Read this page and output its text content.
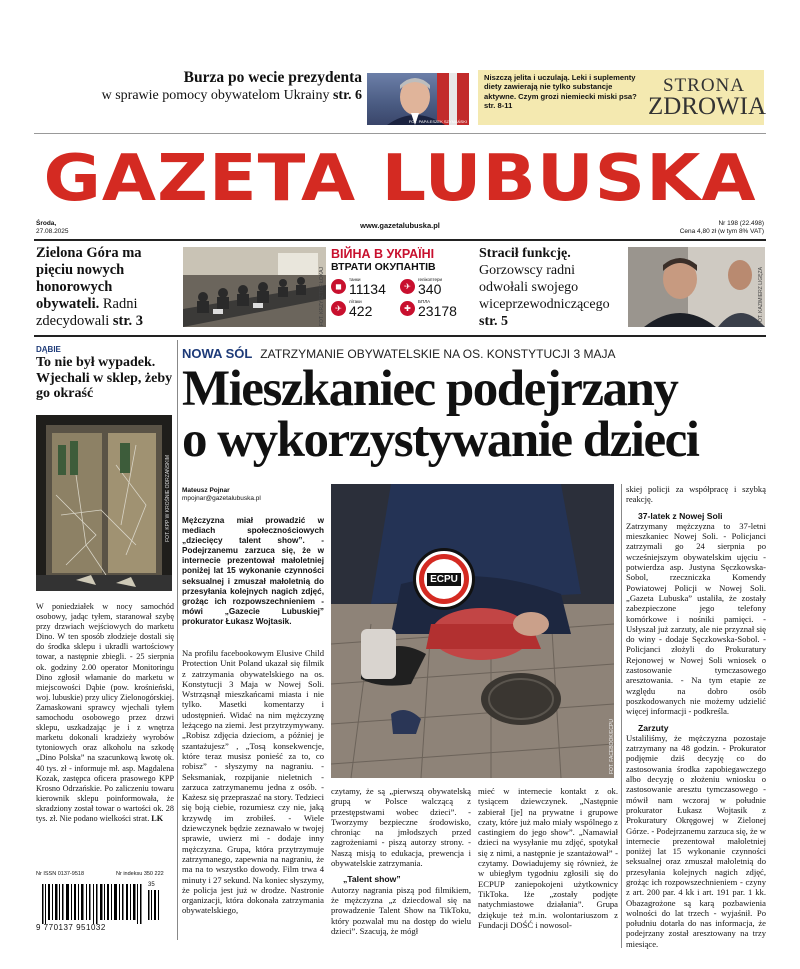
Burza po wecie prezydenta
w sprawie pomocy obywatelom Ukrainy str. 6
FOT. PAP/LESZEK SZYMAŃSKI
Niszczą jelita i uczulają. Leki i suplementy diety zawierają nie tylko substancje aktywne. Czym grozi niemiecki miski psa? str. 8-11
STRONA
ZDROWIA
GAZETA LUBUSKA
Środa,
27.08.2025
www.gazetalubuska.pl	Nr 198 (22.498)
Cena 4,80 zł (w tym 8% VAT)
Zielona Góra ma pięciu nowych honorowych obywateli. Radni zdecydowali str. 3	FOT. KRZYSZTOF ŁOKAJ
ВІЙНА В УКРАЇНІ
ВТРАТИ ОКУПАНТІВ
◼
танки
11134	✈
гелікоптери
340
✈
літаки
422	✚
БПЛА
23178
Stracił funkcję. Gorzowscy radni odwołali swojego wiceprzewodniczącego str. 5	FOT. KAZIMIERZ LIGĘZA
DĄBIE
To nie był wypadek. Wjechali w sklep, żeby go okraść
FOT. KPP W KROŚNIE ODRZAŃSKIM
W poniedziałek w nocy samochód osobowy, jadąc tyłem, staranował szybę przy drzwiach wejściowych do marketu Dino. W ten sposób złodzieje dostali się do środka sklepu i ukradli wartościowy towar, a następnie zbiegli. - 25 sierpnia ok. godziny 2.00 operator Monitoringu Dino zgłosił włamanie do marketu w miejscowości Dąbie (pow. krośnieński, woj. lubuskie) przy ulicy Zielonogórskiej. Zamaskowani sprawcy wjechali tyłem samochodu osobowego przez drzwi sklepu, uszkadzając je i z wnętrza marketu dokonali kradzieży wyrobów tytoniowych oraz alkoholu na szkodę „Dino Polska” na szacunkową kwotę ok. 40 tys. zł - informuje mł. asp. Magdalena Kozak, zastępca oficera prasowego KPP Krosno Odrzańskie. Po zaliczeniu towaru kierownik sklepu poinformowała, że skradziony został towar o wartości ok. 28 tys. zł. Nie podano wielkości strat. LK
Nr ISSN 0137-9518	Nr indeksu 350 222
35
9 770137 951032
NOWA SÓL ZATRZYMANIE OBYWATELSKIE NA OS. KONSTYTUCJI 3 MAJA
Mieszkaniec podejrzany
o wykorzystywanie dzieci
Mateusz Pojnar
mpojnar@gazetalubuska.pl
Mężczyzna miał prowadzić w mediach społecznościowych „dziecięcy talent show”. - Podejrzanemu zarzuca się, że w internecie prezentował małoletniej poniżej lat 15 wykonanie czynności seksualnej i zmuszał małoletnią do przesyłania kolejnych nagich zdjęć, grożąc ich rozpowszechnieniem - mówi „Gazecie Lubuskiej” prokurator Łukasz Wojtasik.
Na profilu facebookowym Elusive Child Protection Unit Poland ukazał się filmik z zatrzymania obywatelskiego na os. Konstytucji 3 Maja w Nowej Soli. Wstrząsnął mieszkańcami miasta i nie tylko. Masetki komentarzy i udostępnień. Widać na nim mężczyznę leżącego na ziemi. Jest przytrzymywany. „Robisz zdjęcia dzieciom, a później je szantażujesz” , „Tosą konsekwencje, które teraz musisz ponieść za to, co robisz” - słyszymy na nagraniu. - Seksmaniak, rozpijanie nieletnich - zarzuca zatrzymanemu jedna z osób. - Każesz się przepraszać na story. Tedzieci się boją ciebie, rozumiesz czy nie, jaką krzywdę im zrobiłeś. - Wiele dziewczynek będzie zeznawało w twojej sprawie, uwierz mi - dodaje inny mężczyzna. Grupa, która przytrzymuje zatrzymanego, zapewnia na nagraniu, że ma na to wszystko dowody. Film trwa 4 minuty i 27 sekund. Na koniec słyszymy, że policja jest już w drodze. Nastronie organizacji, która dokonała zatrzymania obywatelskiego,
ECPU
FOT. FACEBOOK/ECPU
czytamy, że są „pierwszą obywatelską grupą w Polsce walczącą z przestępstwami wobec dzieci”. - Tworzymy bezpieczne środowisko, chroniąc na jmłodszych przed zagrożeniami - piszą autorzy strony. - Naszą misją to edukacja, prewencja i obywatelskie zatrzymania.
„Talent show”
Autorzy nagrania piszą pod filmikiem, że mężczyzna „z dziecdowal się na prowadzenie Talent Show na TikToku, który pozwalał mu na dostęp do wielu dzieci”. Szacują, że mógł
mieć w internecie kontakt z ok. tysiącem dziewczynek. „Następnie zabierał [je] na prywatne i grupowe czaty, które już mało miały wspólnego z castingiem do jego show”. „Namawiał dzieci na wysyłanie mu zdjęć, spotykał się z nimi, a następnie je szantażował” - czytamy. Dowiadujemy się również, że w ubiegłym tygodniu zgłosili się do ECPUP zaniepokojeni użytkownicy TikToka. Iże „zostały podjęte natychmiastowe działania”. Grupa dziękuje też m.in. wolontariuszom z Fundacji DOŚĆ i nowosol-
skiej policji za współpracę i szybką reakcję.
37-latek z Nowej Soli
Zatrzymany mężczyzna to 37-letni mieszkaniec Nowej Soli. - Policjanci zatrzymali go 24 sierpnia po wcześniejszym obywatelskim ujęciu - potwierdza asp. Justyna Sęczkowska-Sobol, rzeczniczka Komendy Powiatowej Policji w Nowej Soli. „Gazeta Lubuska” ustaliła, że zostały zabezpieczone jego telefony komórkowe i nośniki pamięci. - Usłyszał już zarzuty, ale nie przyznał się do winy - dodaje Sęczkowska-Sobol. - Policjanci złożyli do Prokuratury Rejonowej w Nowej Soli wniosek o zastosowanie tymczasowego aresztowania. - Na tym etapie ze względu na dobro osób poszkodowanych nie możemy udzielić więcej informacji - podkreśla.
Zarzuty
Ustaliliśmy, że mężczyzna pozostaje zatrzymany na 48 godzin. - Prokurator podjęmie dziś decyzję co do zastosowania środka zapobiegawczego albo decyzję o złożeniu wniosku o zastosowanie aresztu tymczasowego - mówił nam wczoraj w południe prokurator Łukasz Wojtasik z Prokuratury Okręgowej w Zielonej Górze. - Podejrzanemu zarzuca się, że w internecie prezentował małoletniej poniżej lat 15 wykonanie czynności seksualnej oraz zmuszał małoletnią do przesyłania kolejnych nagich zdjęć, grożąc ich rozpowszechnieniem - czyny z art. 200 par. 4 kk i art. 191 par. 1 kk. Obazagrożone są karą pozbawienia wolności do lat trzech - wyjaśnił. Po południu dotarła do nas informacja, że podejrzany został aresztowany na trzy miesiące.
